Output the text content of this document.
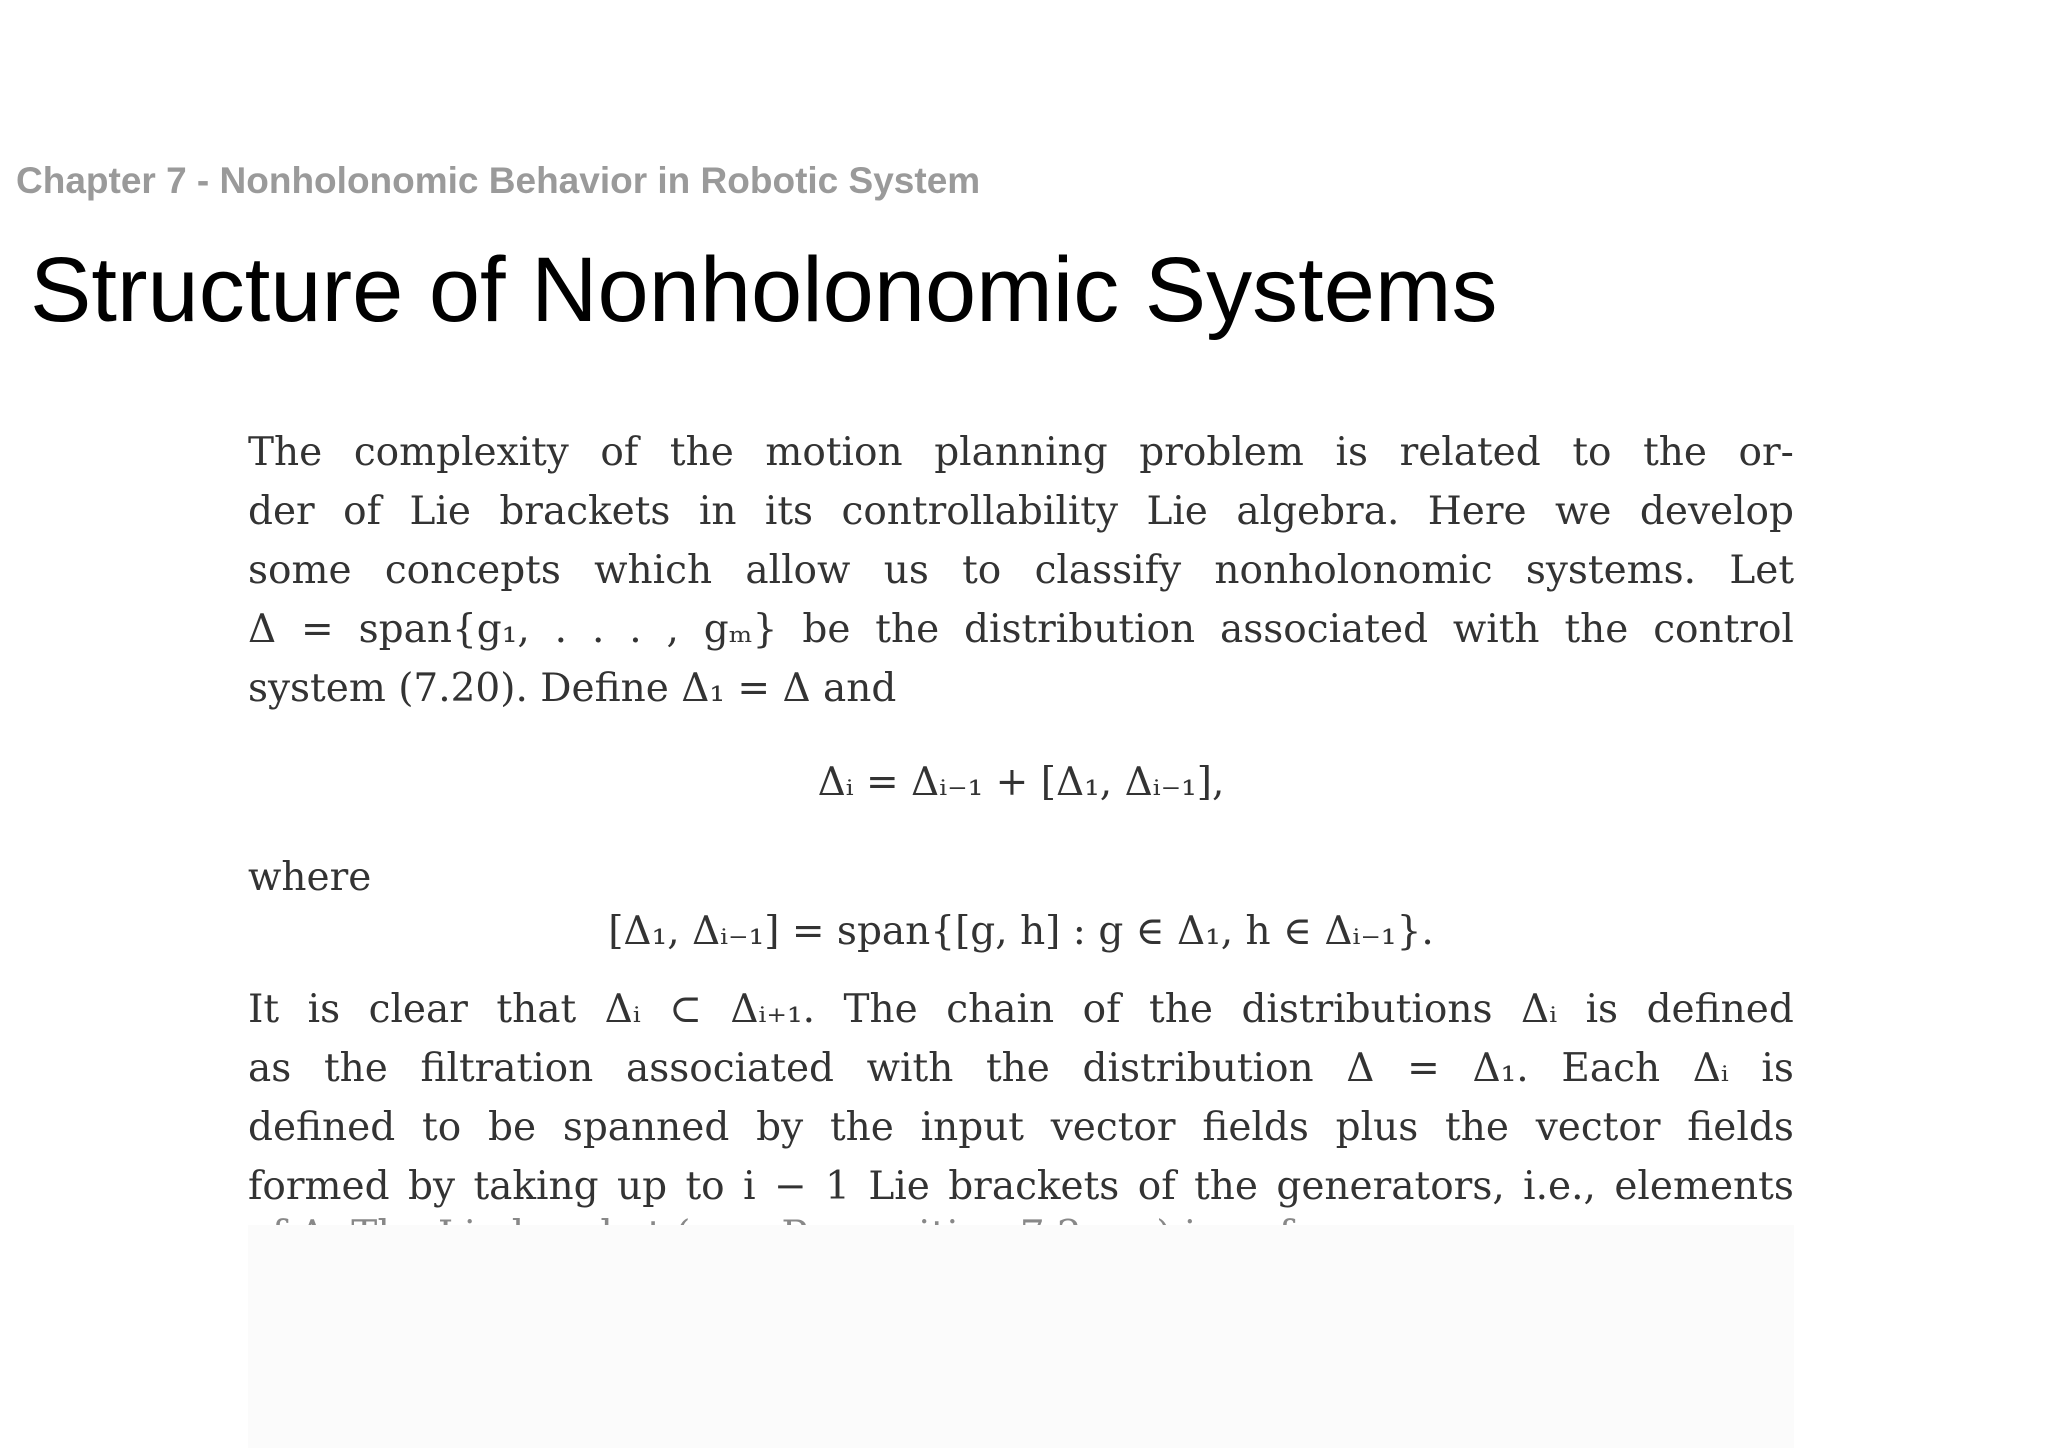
Chapter 7 - Nonholonomic Behavior in Robotic System
Structure of Nonholonomic Systems
The complexity of the motion planning problem is related to the or-
der of Lie brackets in its controllability Lie algebra. Here we develop
some concepts which allow us to classify nonholonomic systems. Let
Δ = span{g₁, . . . , gₘ} be the distribution associated with the control
system (7.20). Define Δ₁ = Δ and
Δᵢ = Δᵢ₋₁ + [Δ₁, Δᵢ₋₁],
where
[Δ₁, Δᵢ₋₁] = span{[g, h] : g ∈ Δ₁, h ∈ Δᵢ₋₁}.
It is clear that Δᵢ ⊂ Δᵢ₊₁. The chain of the distributions Δᵢ is defined
as the filtration associated with the distribution Δ = Δ₁. Each Δᵢ is
defined to be spanned by the input vector fields plus the vector fields
formed by taking up to i − 1 Lie brackets of the generators, i.e., elements
